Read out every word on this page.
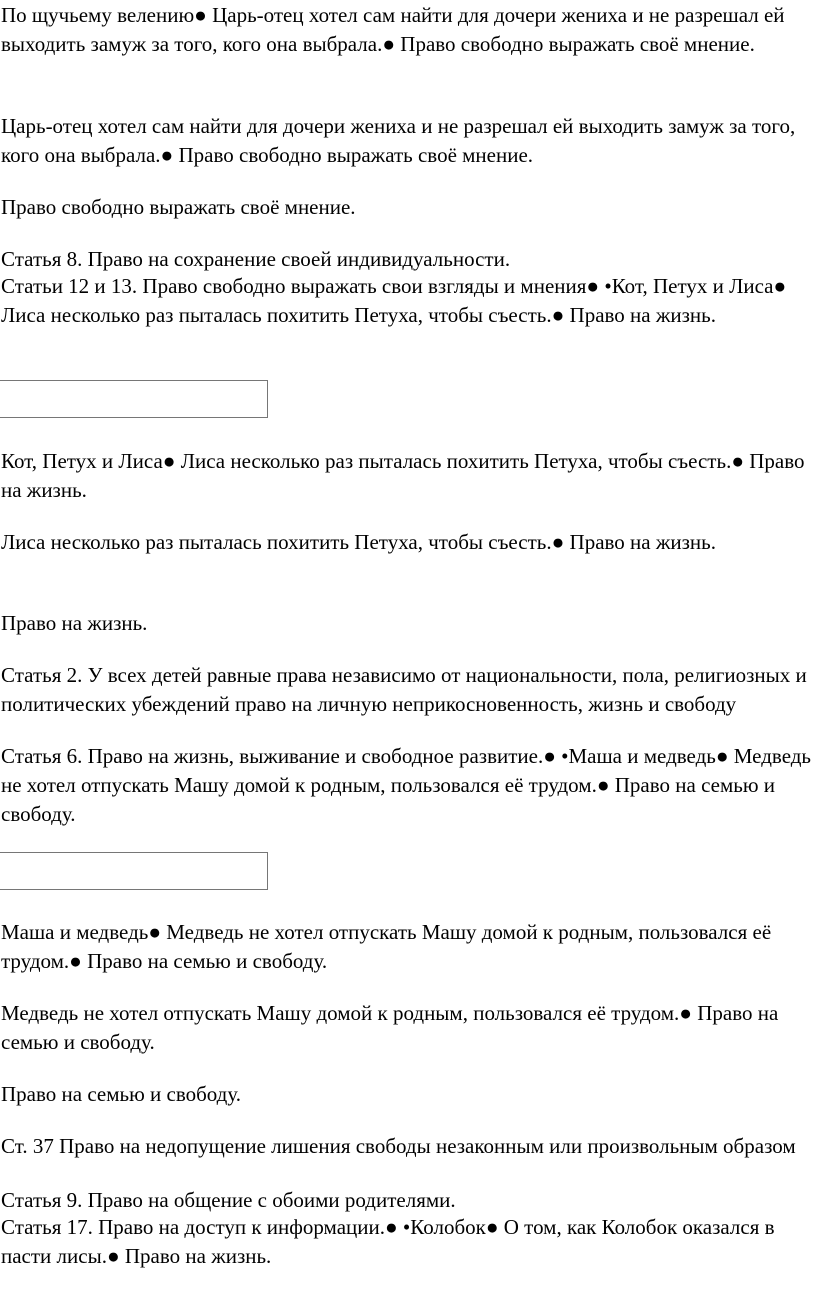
По щучьему велению● Царь-отец хотел сам найти для дочери жениха и не разрешал ей выходить замуж за того, кого она выбрала.● Право свободно выражать своё мнение.

Царь-отец хотел сам найти для дочери жениха и не разрешал ей выходить замуж за того, кого она выбрала.● Право свободно выражать своё мнение.

Право свободно выражать своё мнение.

Статья 8. Право на сохранение своей индивидуальности.

Статьи 12 и 13. Право свободно выражать свои взгляды и мнения● •Кот, Петух и Лиса● Лиса несколько раз пыталась похитить Петуха, чтобы съесть.● Право на жизнь.

Кот, Петух и Лиса● Лиса несколько раз пыталась похитить Петуха, чтобы съесть.● Право на жизнь.

Лиса несколько раз пыталась похитить Петуха, чтобы съесть.● Право на жизнь.

Право на жизнь.

Статья 2. У всех детей равные права независимо от национальности, пола, религиозных и политических убеждений право на личную неприкосновенность, жизнь и свободу

Статья 6. Право на жизнь, выживание и свободное развитие.● •Маша и медведь● Медведь не хотел отпускать Машу домой к родным, пользовался её трудом.● Право на семью и свободу.

Маша и медведь● Медведь не хотел отпускать Машу домой к родным, пользовался её трудом.● Право на семью и свободу.

Медведь не хотел отпускать Машу домой к родным, пользовался её трудом.● Право на семью и свободу.

Право на семью и свободу.

Ст. 37 Право на недопущение лишения свободы незаконным или произвольным образом

Статья 9. Право на общение с обоими родителями.

Статья 17. Право на доступ к информации.● •Колобок● О том, как Колобок оказался в пасти лисы.● Право на жизнь.
